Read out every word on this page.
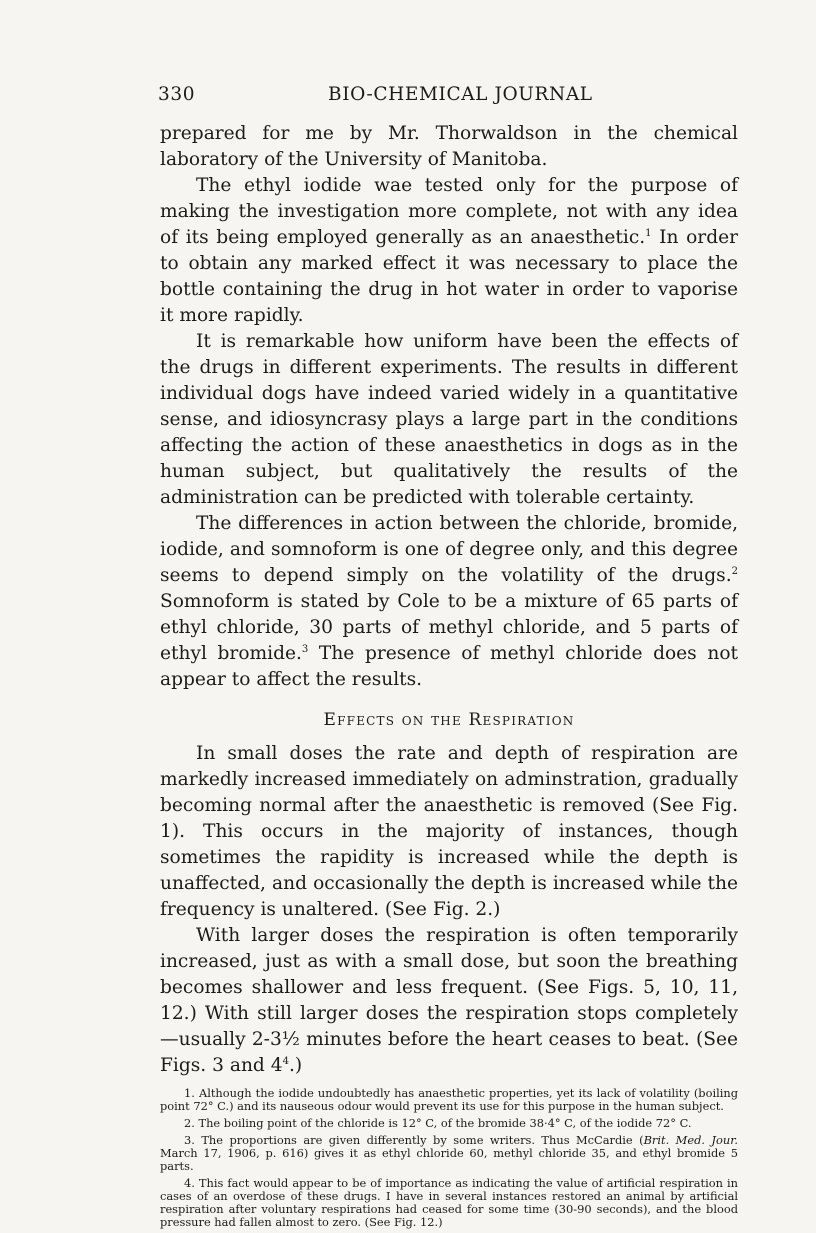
330	BIO-CHEMICAL JOURNAL

prepared for me by Mr. Thorwaldson in the chemical laboratory of the University of Manitoba.

The ethyl iodide wae tested only for the purpose of making the investigation more complete, not with any idea of its being employed generally as an anaesthetic.$^1$ In order to obtain any marked effect it was necessary to place the bottle containing the drug in hot water in order to vaporise it more rapidly.

It is remarkable how uniform have been the effects of the drugs in different experiments. The results in different individual dogs have indeed varied widely in a quantitative sense, and idiosyncrasy plays a large part in the conditions affecting the action of these anaesthetics in dogs as in the human subject, but qualitatively the results of the administration can be predicted with tolerable certainty.

The differences in action between the chloride, bromide, iodide, and somnoform is one of degree only, and this degree seems to depend simply on the volatility of the drugs.$^2$ Somnoform is stated by Cole to be a mixture of 65 parts of ethyl chloride, 30 parts of methyl chloride, and 5 parts of ethyl bromide.$^3$ The presence of methyl chloride does not appear to affect the results.

Effects on the Respiration

In small doses the rate and depth of respiration are markedly increased immediately on adminstration, gradually becoming normal after the anaesthetic is removed (See Fig. 1). This occurs in the majority of instances, though sometimes the rapidity is increased while the depth is unaffected, and occasionally the depth is increased while the frequency is unaltered. (See Fig. 2.)

With larger doses the respiration is often temporarily increased, just as with a small dose, but soon the breathing becomes shallower and less frequent. (See Figs. 5, 10, 11, 12.) With still larger doses the respiration stops completely—usually 2-3½ minutes before the heart ceases to beat. (See Figs. 3 and $4^4$.)

1. Although the iodide undoubtedly has anaesthetic properties, yet its lack of volatility (boiling point 72° C.) and its nauseous odour would prevent its use for this purpose in the human subject.

2. The boiling point of the chloride is 12° C, of the bromide 38·4° C, of the iodide 72° C.

3. The proportions are given differently by some writers. Thus McCardie (Brit. Med. Jour. March 17, 1906, p. 616) gives it as ethyl chloride 60, methyl chloride 35, and ethyl bromide 5 parts.

4. This fact would appear to be of importance as indicating the value of artificial respiration in cases of an overdose of these drugs. I have in several instances restored an animal by artificial respiration after voluntary respirations had ceased for some time (30-90 seconds), and the blood pressure had fallen almost to zero. (See Fig. 12.)
